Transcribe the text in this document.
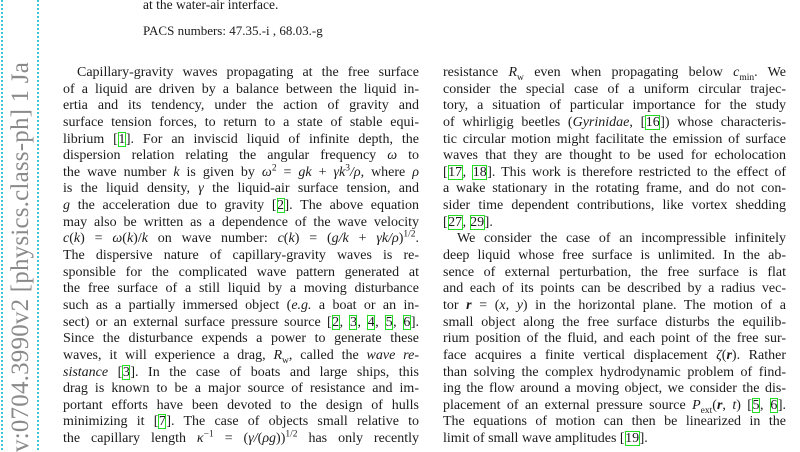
v:0704.3990v2 [physics.class-ph] 1 Ja
at the water-air interface.
PACS numbers: 47.35.-i , 68.03.-g
Capillary-gravity waves propagating at the free surface
of a liquid are driven by a balance between the liquid in-
ertia and its tendency, under the action of gravity and
surface tension forces, to return to a state of stable equi-
librium [1]. For an inviscid liquid of infinite depth, the
dispersion relation relating the angular frequency ω to
the wave number k is given by $\omega^2$ = gk + $\gamma k^3/\rho$, where ρ
is the liquid density, γ the liquid-air surface tension, and
g the acceleration due to gravity [2]. The above equation
may also be written as a dependence of the wave velocity
c(k) = ω(k)/k on wave number: $c(k) = (g/k + \gamma k/\rho)^{1/2}$.
The dispersive nature of capillary-gravity waves is re-
sponsible for the complicated wave pattern generated at
the free surface of a still liquid by a moving disturbance
such as a partially immersed object (e.g. a boat or an in-
sect) or an external surface pressure source [2, 3, 4, 5, 6].
Since the disturbance expends a power to generate these
waves, it will experience a drag, $R_w$, called the wave re-
sistance [3]. In the case of boats and large ships, this
drag is known to be a major source of resistance and im-
portant efforts have been devoted to the design of hulls
minimizing it [7]. The case of objects small relative to
the capillary length $\kappa^{-1} = (\gamma/(\rho g))^{1/2}$ has only recently
resistance $R_w$ even when propagating below $c_{min}$. We
consider the special case of a uniform circular trajec-
tory, a situation of particular importance for the study
of whirligig beetles (Gyrinidae, [16]) whose characteris-
tic circular motion might facilitate the emission of surface
waves that they are thought to be used for echolocation
[17, 18]. This work is therefore restricted to the effect of
a wake stationary in the rotating frame, and do not con-
sider time dependent contributions, like vortex shedding
[27, 29].
We consider the case of an incompressible infinitely
deep liquid whose free surface is unlimited. In the ab-
sence of external perturbation, the free surface is flat
and each of its points can be described by a radius vec-
tor r = (x, y) in the horizontal plane. The motion of a
small object along the free surface disturbs the equilib-
rium position of the fluid, and each point of the free sur-
face acquires a finite vertical displacement ζ(r). Rather
than solving the complex hydrodynamic problem of find-
ing the flow around a moving object, we consider the dis-
placement of an external pressure source $P_{ext}(r$, t) [5, 6].
The equations of motion can then be linearized in the
limit of small wave amplitudes [19].
